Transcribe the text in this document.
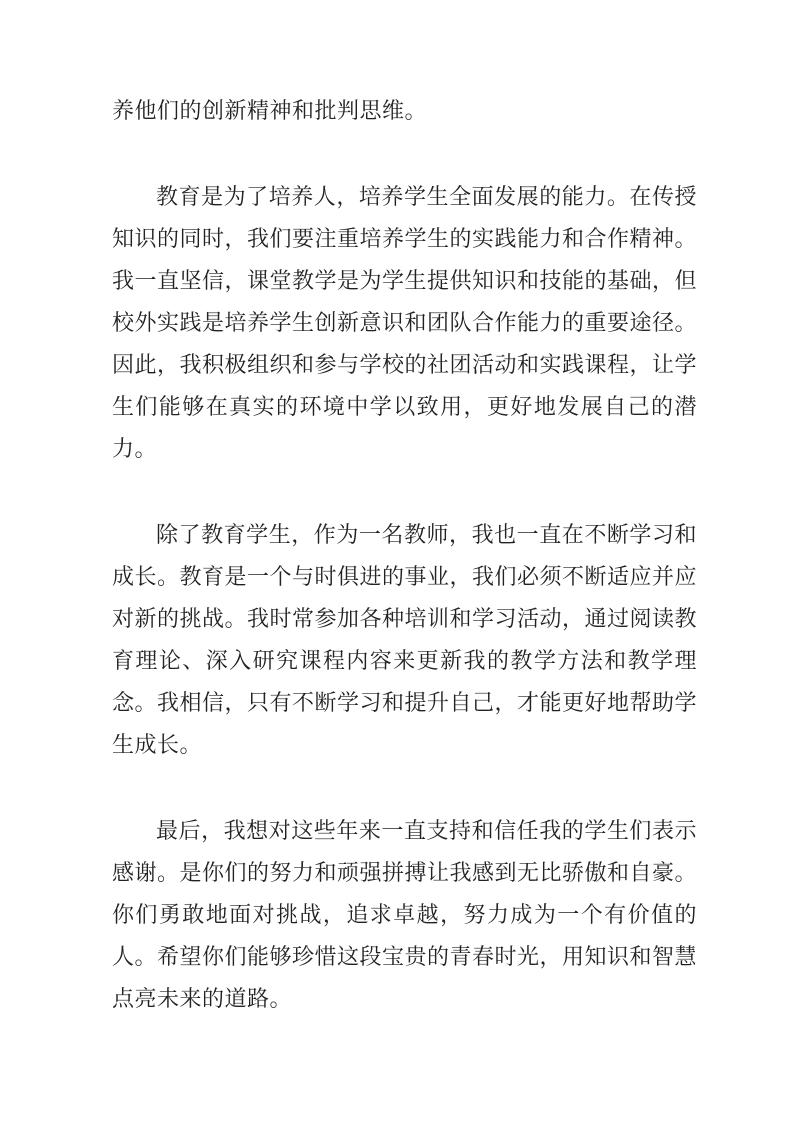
养他们的创新精神和批判思维。

教育是为了培养人，培养学生全面发展的能力。在传授知识的同时，我们要注重培养学生的实践能力和合作精神。我一直坚信，课堂教学是为学生提供知识和技能的基础，但校外实践是培养学生创新意识和团队合作能力的重要途径。因此，我积极组织和参与学校的社团活动和实践课程，让学生们能够在真实的环境中学以致用，更好地发展自己的潜力。

除了教育学生，作为一名教师，我也一直在不断学习和成长。教育是一个与时俱进的事业，我们必须不断适应并应对新的挑战。我时常参加各种培训和学习活动，通过阅读教育理论、深入研究课程内容来更新我的教学方法和教学理念。我相信，只有不断学习和提升自己，才能更好地帮助学生成长。

最后，我想对这些年来一直支持和信任我的学生们表示感谢。是你们的努力和顽强拼搏让我感到无比骄傲和自豪。你们勇敢地面对挑战，追求卓越，努力成为一个有价值的人。希望你们能够珍惜这段宝贵的青春时光，用知识和智慧点亮未来的道路。
